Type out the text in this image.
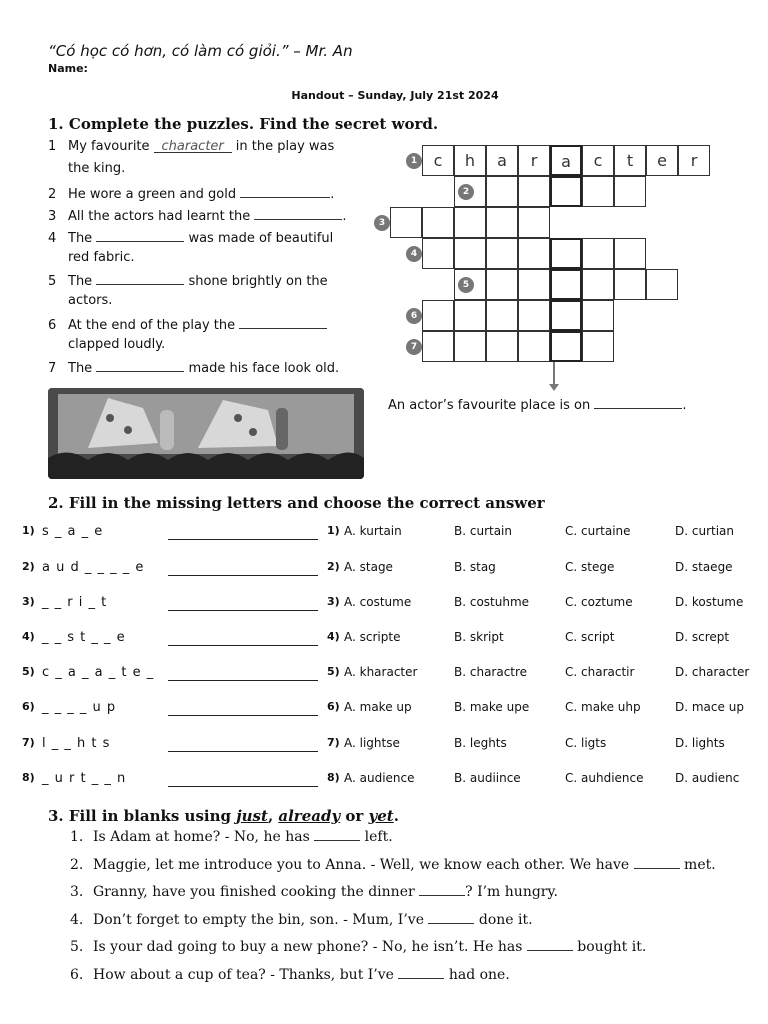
“Có học có hơn, có làm có giỏi.” – Mr. An
Name:
Handout – Sunday, July 21st 2024
1. Complete the puzzles. Find the secret word.
1 My favourite character in the play was
the king.
2 He wore a green and gold	.
3 All the actors had learnt the	.
4 The	was made of beautiful
red fabric.
5 The	shone brightly on the
actors.
6 At the end of the play the
clapped loudly.
7 The	made his face look old.
c	h	a	r	a	c	t	e	r
1
2
3
4
5
6
7
An actor’s favourite place is on	.
2. Fill in the missing letters and choose the correct answer
1) s _ a _ e	1) A. kurtain	B. curtain	C. curtaine	D. curtian
2) a u d _ _ _ _ e	2) A. stage	B. stag	C. stege	D. staege
3) _ _ r i _ t	3) A. costume	B. costuhme	C. coztume	D. kostume
4) _ _ s t _ _ e	4) A. scripte	B. skript	C. script	D. scrept
5) c _ a _ a _ t e _	5) A. kharacter	B. charactre	C. charactir	D. character
6) _ _ _ _ u p	6) A. make up	B. make upe	C. make uhp	D. mace up
7) l _ _ h t s	7) A. lightse	B. leghts	C. ligts	D. lights
8) _ u r t _ _ n	8) A. audience	B. audiince	C. auhdience	D. audienc
3. Fill in blanks using just, already or yet.
1. Is Adam at home? - No, he has	left.
2. Maggie, let me introduce you to Anna. - Well, we know each other. We have	met.
3. Granny, have you finished cooking the dinner	? I’m hungry.
4. Don’t forget to empty the bin, son. - Mum, I’ve	done it.
5. Is your dad going to buy a new phone? - No, he isn’t. He has	bought it.
6. How about a cup of tea? - Thanks, but I’ve	had one.
